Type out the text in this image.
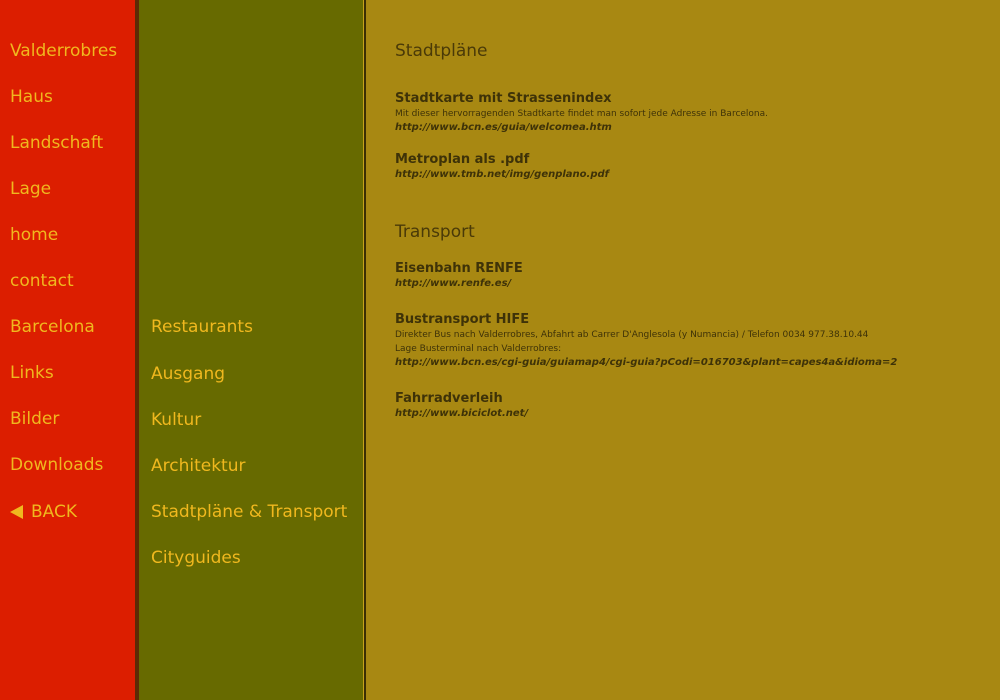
Valderrobres
Haus
Landschaft
Lage
home
contact
Barcelona
Links
Bilder
Downloads
BACK
Restaurants
Ausgang
Kultur
Architektur
Stadtpläne & Transport
Cityguides
Stadtpläne
Stadtkarte mit Strassenindex
Mit dieser hervorragenden Stadtkarte findet man sofort jede Adresse in Barcelona.
http://www.bcn.es/guia/welcomea.htm
Metroplan als .pdf
http://www.tmb.net/img/genplano.pdf
Transport
Eisenbahn RENFE
http://www.renfe.es/
Bustransport HIFE
Direkter Bus nach Valderrobres, Abfahrt ab Carrer D'Anglesola (y Numancia) / Telefon 0034 977.38.10.44
Lage Busterminal nach Valderrobres:
http://www.bcn.es/cgi-guia/guiamap4/cgi-guia?pCodi=016703&plant=capes4a&idioma=2
Fahrradverleih
http://www.biciclot.net/
